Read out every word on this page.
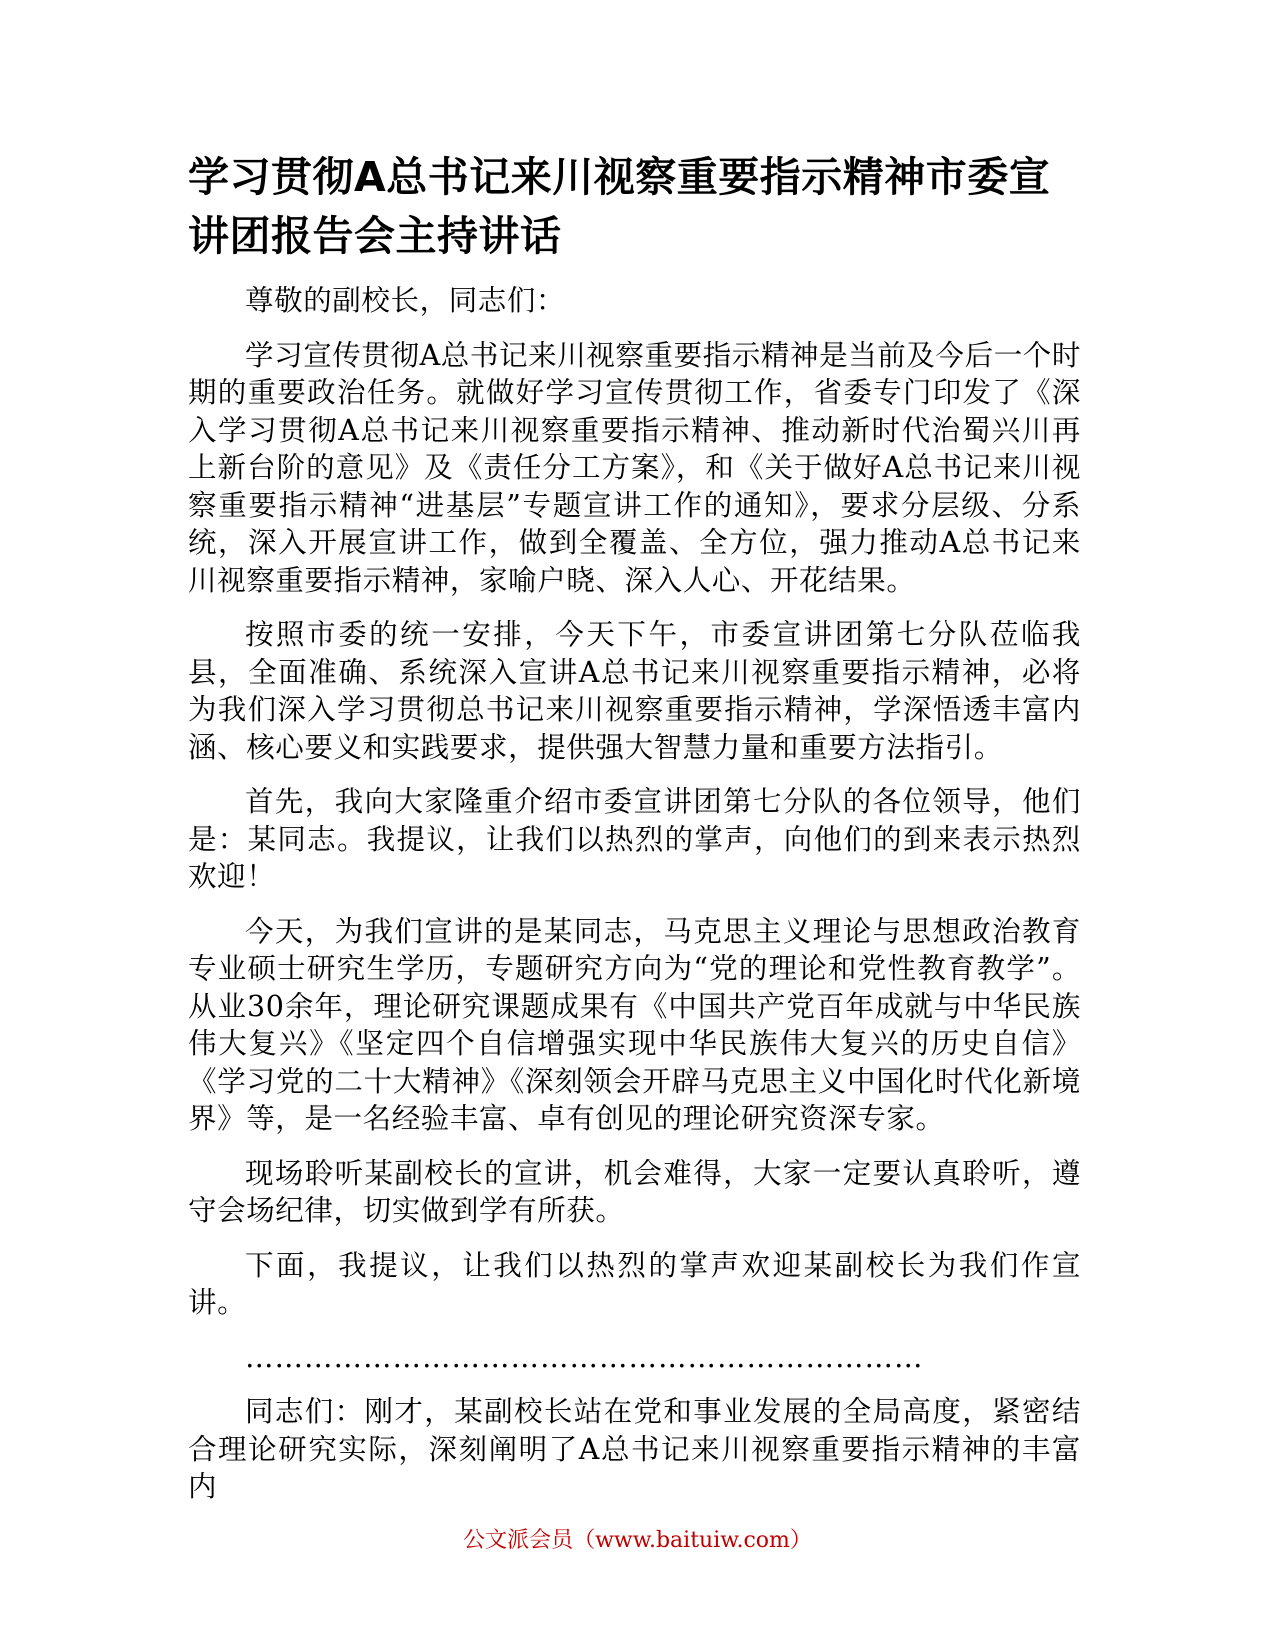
学习贯彻A总书记来川视察重要指示精神市委宣讲团报告会主持讲话

尊敬的副校长，同志们：

学习宣传贯彻A总书记来川视察重要指示精神是当前及今后一个时期的重要政治任务。就做好学习宣传贯彻工作，省委专门印发了《深入学习贯彻A总书记来川视察重要指示精神、推动新时代治蜀兴川再上新台阶的意见》及《责任分工方案》，和《关于做好A总书记来川视察重要指示精神“进基层”专题宣讲工作的通知》，要求分层级、分系统，深入开展宣讲工作，做到全覆盖、全方位，强力推动A总书记来川视察重要指示精神，家喻户晓、深入人心、开花结果。

按照市委的统一安排，今天下午，市委宣讲团第七分队莅临我县，全面准确、系统深入宣讲A总书记来川视察重要指示精神，必将为我们深入学习贯彻总书记来川视察重要指示精神，学深悟透丰富内涵、核心要义和实践要求，提供强大智慧力量和重要方法指引。

首先，我向大家隆重介绍市委宣讲团第七分队的各位领导，他们是：某同志。我提议，让我们以热烈的掌声，向他们的到来表示热烈欢迎！

今天，为我们宣讲的是某同志，马克思主义理论与思想政治教育专业硕士研究生学历，专题研究方向为“党的理论和党性教育教学”。从业30余年，理论研究课题成果有《中国共产党百年成就与中华民族伟大复兴》《坚定四个自信增强实现中华民族伟大复兴的历史自信》《学习党的二十大精神》《深刻领会开辟马克思主义中国化时代化新境界》等，是一名经验丰富、卓有创见的理论研究资深专家。

现场聆听某副校长的宣讲，机会难得，大家一定要认真聆听，遵守会场纪律，切实做到学有所获。

下面，我提议，让我们以热烈的掌声欢迎某副校长为我们作宣讲。

……………………………………………………………

同志们：刚才，某副校长站在党和事业发展的全局高度，紧密结合理论研究实际，深刻阐明了A总书记来川视察重要指示精神的丰富内

公文派会员（www.baituiw.com）
